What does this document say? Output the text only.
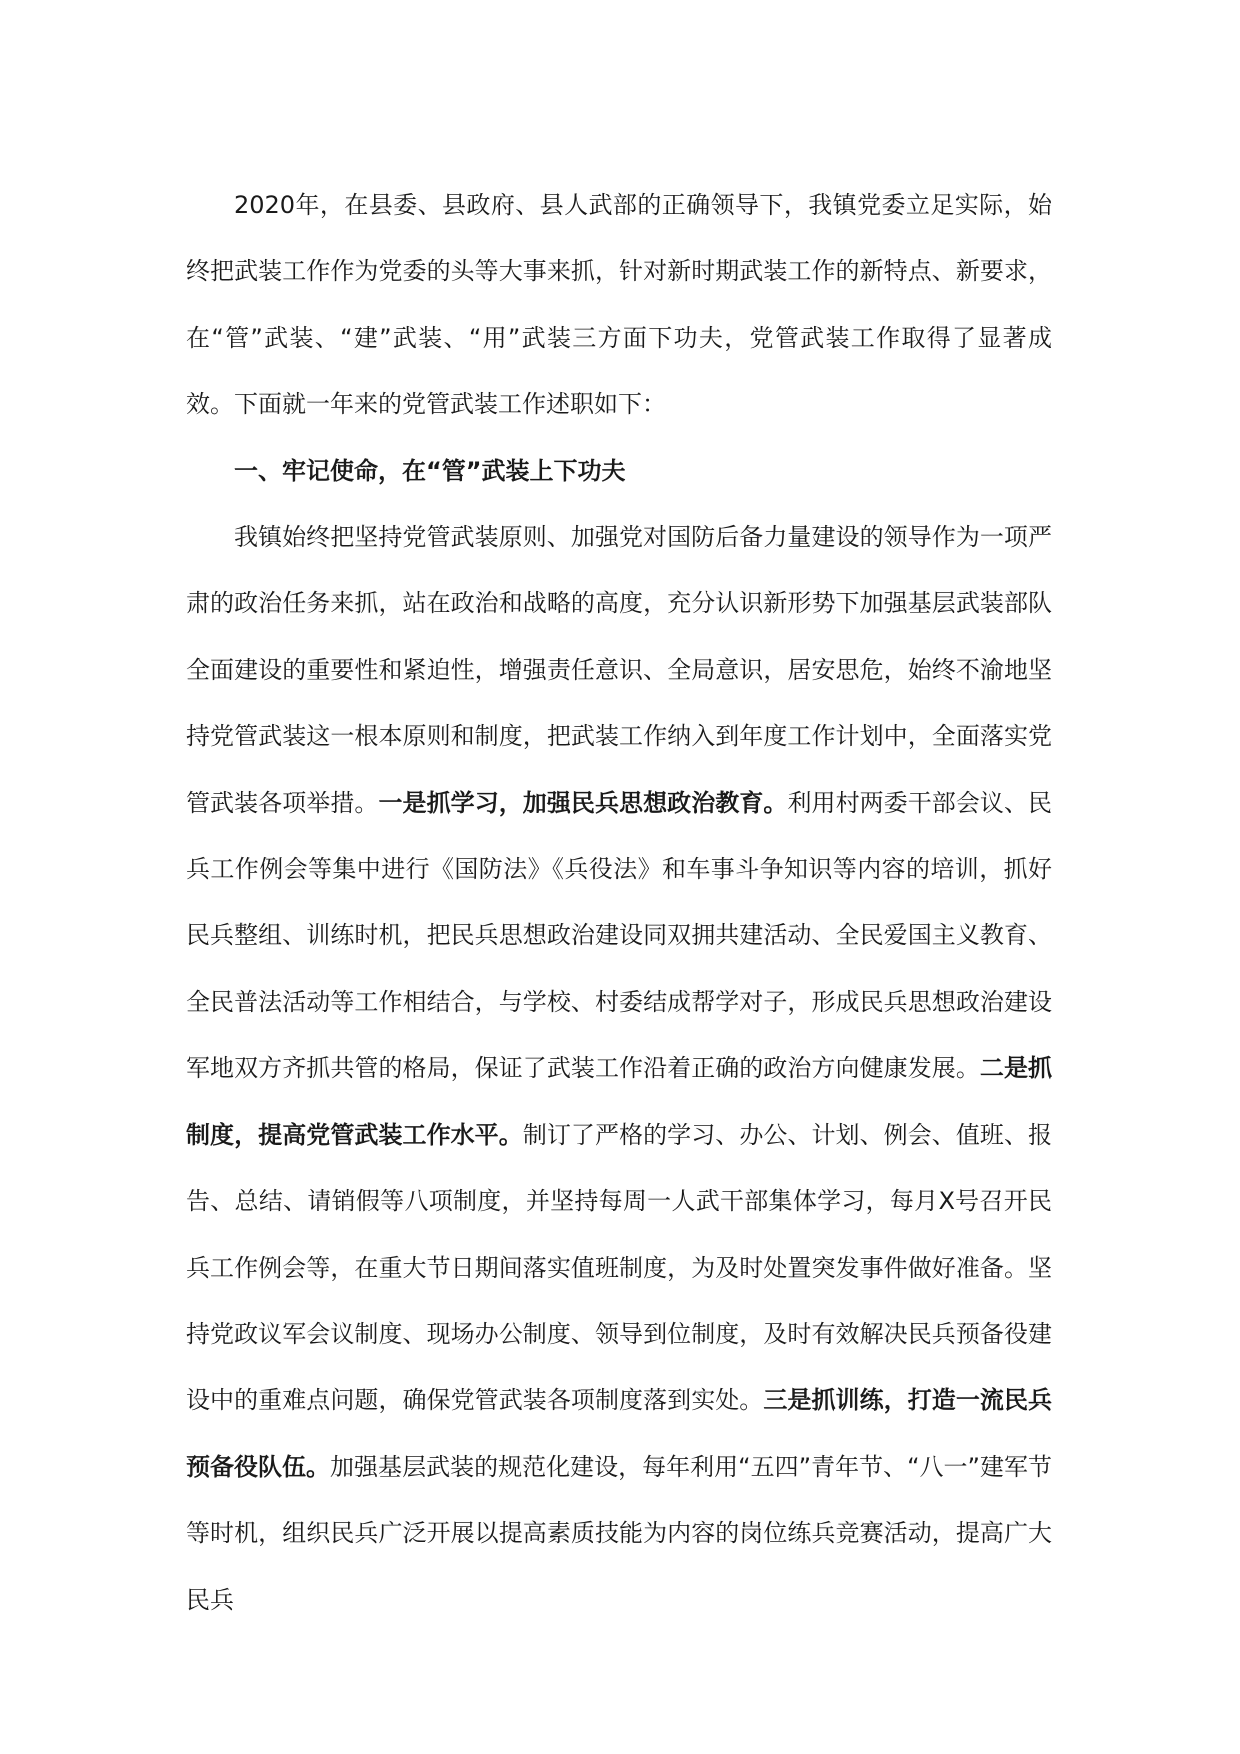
2020年，在县委、县政府、县人武部的正确领导下，我镇党委立足实际，始终把武装工作作为党委的头等大事来抓，针对新时期武装工作的新特点、新要求，在“管”武装、“建”武装、“用”武装三方面下功夫，党管武装工作取得了显著成效。下面就一年来的党管武装工作述职如下：

一、牢记使命，在“管”武装上下功夫

我镇始终把坚持党管武装原则、加强党对国防后备力量建设的领导作为一项严肃的政治任务来抓，站在政治和战略的高度，充分认识新形势下加强基层武装部队全面建设的重要性和紧迫性，增强责任意识、全局意识，居安思危，始终不渝地坚持党管武装这一根本原则和制度，把武装工作纳入到年度工作计划中，全面落实党管武装各项举措。一是抓学习，加强民兵思想政治教育。利用村两委干部会议、民兵工作例会等集中进行《国防法》《兵役法》和车事斗争知识等内容的培训，抓好民兵整组、训练时机，把民兵思想政治建设同双拥共建活动、全民爱国主义教育、全民普法活动等工作相结合，与学校、村委结成帮学对子，形成民兵思想政治建设军地双方齐抓共管的格局，保证了武装工作沿着正确的政治方向健康发展。二是抓制度，提高党管武装工作水平。制订了严格的学习、办公、计划、例会、值班、报告、总结、请销假等八项制度，并坚持每周一人武干部集体学习，每月X号召开民兵工作例会等，在重大节日期间落实值班制度，为及时处置突发事件做好准备。坚持党政议军会议制度、现场办公制度、领导到位制度，及时有效解决民兵预备役建设中的重难点问题，确保党管武装各项制度落到实处。三是抓训练，打造一流民兵预备役队伍。加强基层武装的规范化建设，每年利用“五四”青年节、“八一”建军节等时机，组织民兵广泛开展以提高素质技能为内容的岗位练兵竞赛活动，提高广大民兵
